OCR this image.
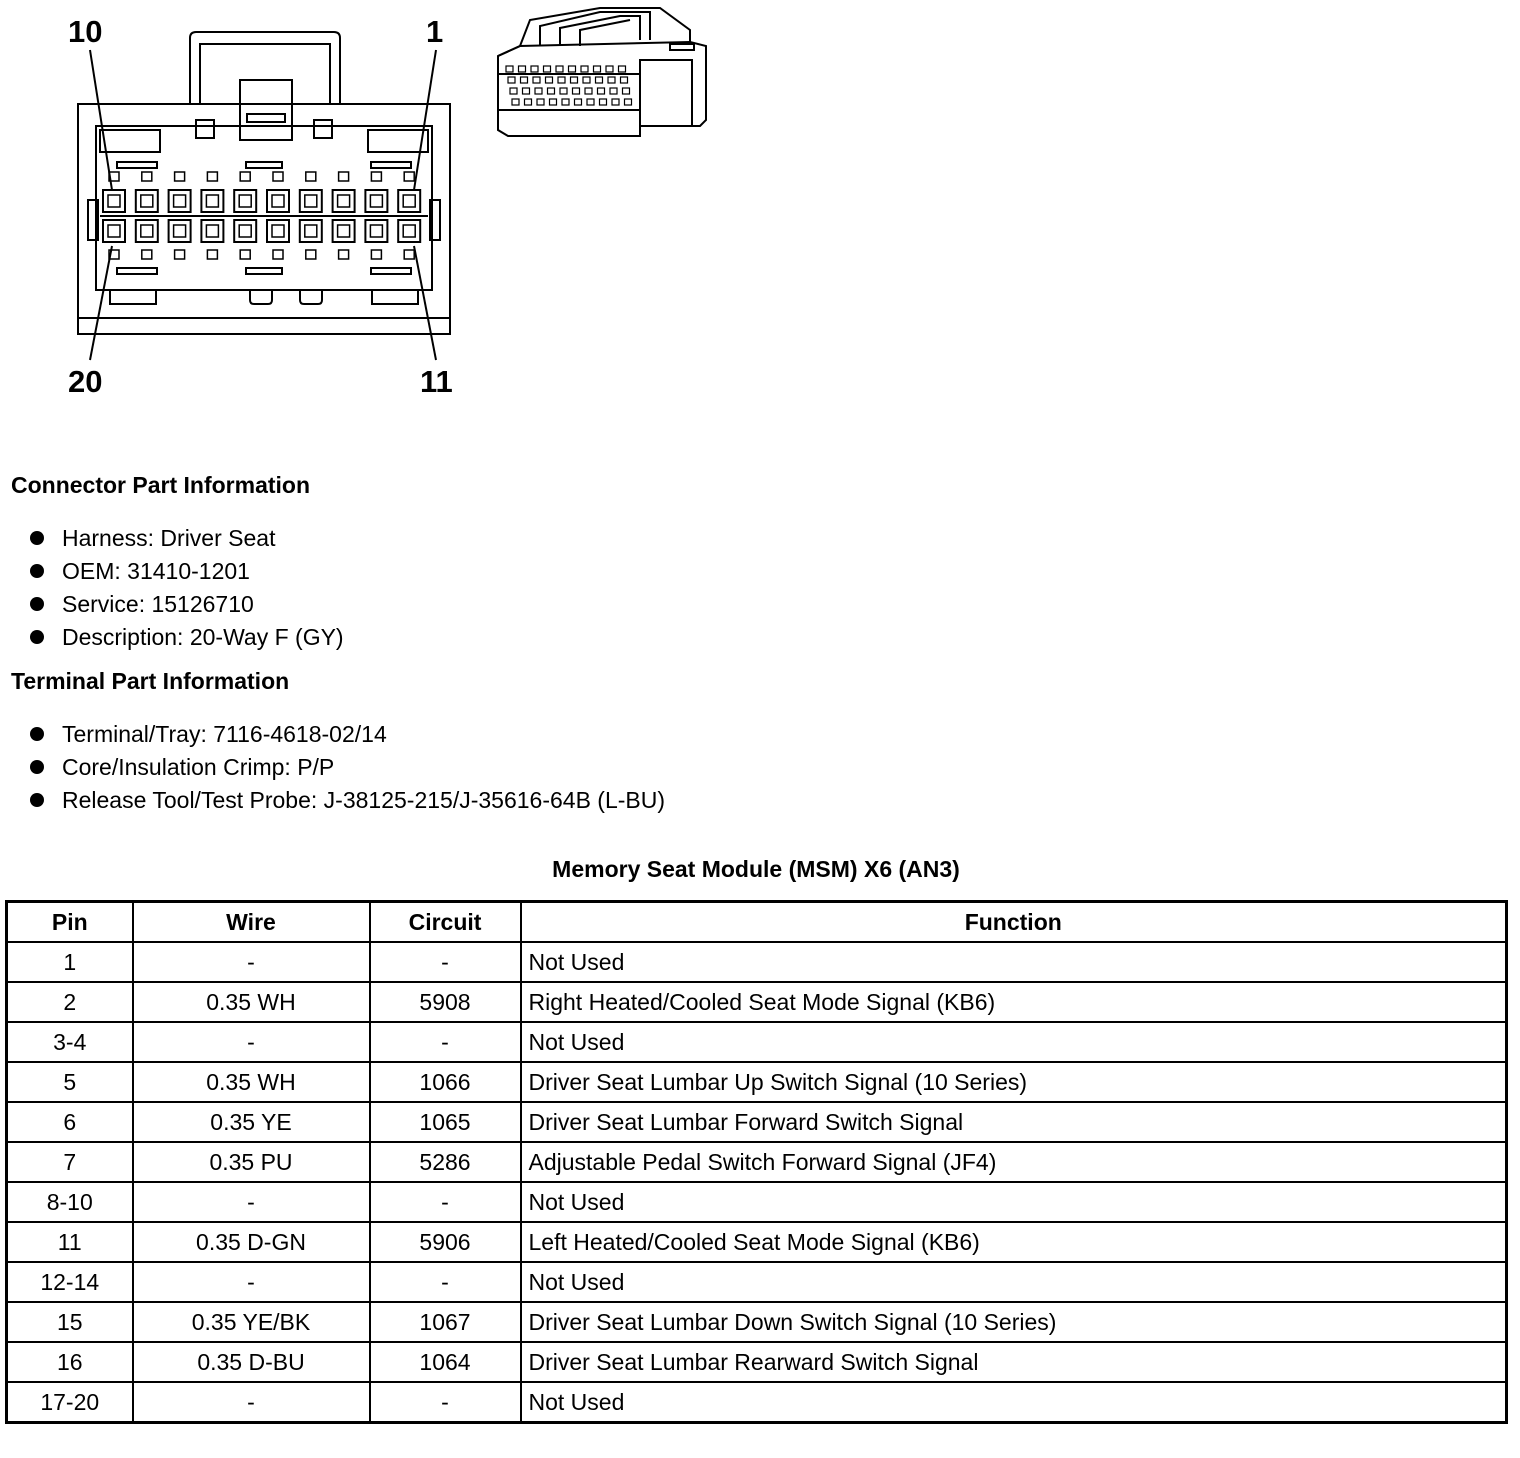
10	1
20	11
Connector Part Information
Harness: Driver Seat
OEM: 31410-1201
Service: 15126710
Description: 20-Way F (GY)
Terminal Part Information
Terminal/Tray: 7116-4618-02/14
Core/Insulation Crimp: P/P
Release Tool/Test Probe: J-38125-215/J-35616-64B (L-BU)
Memory Seat Module (MSM) X6 (AN3)
Pin	Wire	Circuit	Function
1	-	-	Not Used
2	0.35 WH	5908	Right Heated/Cooled Seat Mode Signal (KB6)
3-4	-	-	Not Used
5	0.35 WH	1066	Driver Seat Lumbar Up Switch Signal (10 Series)
6	0.35 YE	1065	Driver Seat Lumbar Forward Switch Signal
7	0.35 PU	5286	Adjustable Pedal Switch Forward Signal (JF4)
8-10	-	-	Not Used
11	0.35 D-GN	5906	Left Heated/Cooled Seat Mode Signal (KB6)
12-14	-	-	Not Used
15	0.35 YE/BK	1067	Driver Seat Lumbar Down Switch Signal (10 Series)
16	0.35 D-BU	1064	Driver Seat Lumbar Rearward Switch Signal
17-20	-	-	Not Used
